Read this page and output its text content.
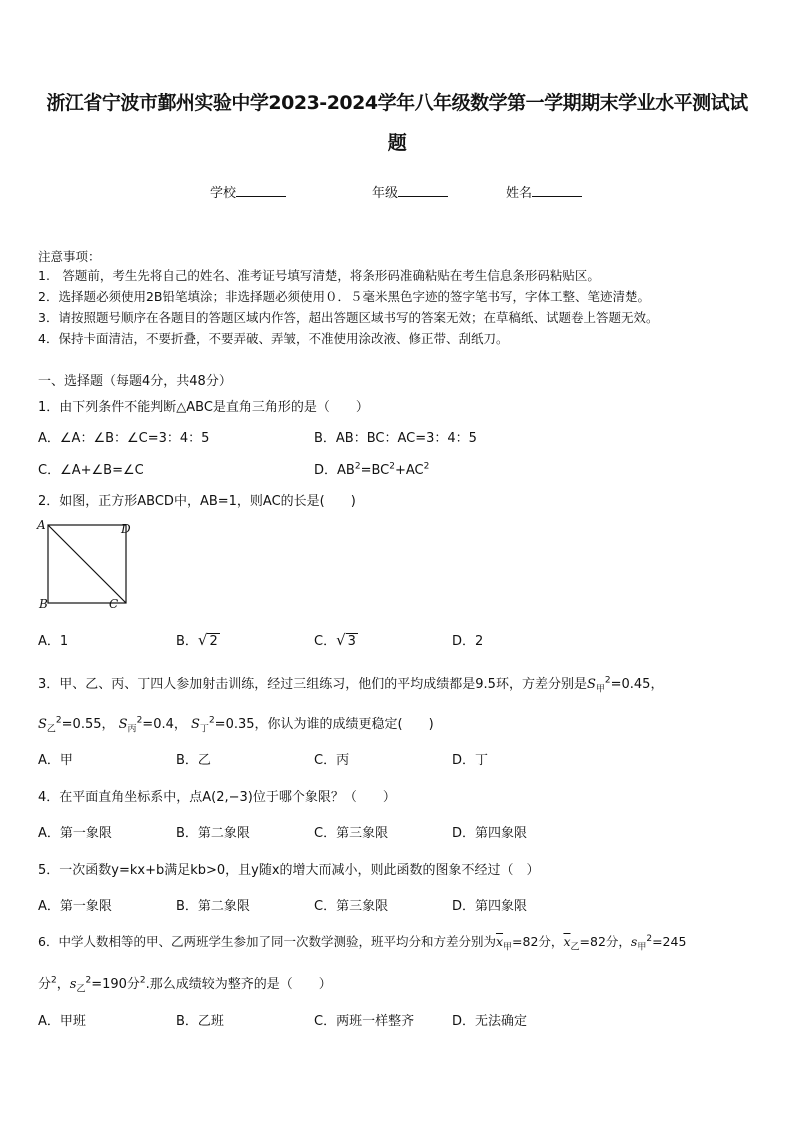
浙江省宁波市鄞州实验中学2023-2024学年八年级数学第一学期期末学业水平测试试
题
学校	年级	姓名
注意事项：
1.　答题前，考生先将自己的姓名、准考证号填写清楚，将条形码准确粘贴在考生信息条形码粘贴区。
2．选择题必须使用2B铅笔填涂；非选择题必须使用０．５毫米黑色字迹的签字笔书写，字体工整、笔迹清楚。
3．请按照题号顺序在各题目的答题区域内作答，超出答题区域书写的答案无效；在草稿纸、试题卷上答题无效。
4．保持卡面清洁，不要折叠，不要弄破、弄皱，不准使用涂改液、修正带、刮纸刀。
一、选择题（每题4分，共48分）
1．由下列条件不能判断△ABC是直角三角形的是（　　）
A．∠A：∠B：∠C=3：4：5	B．AB：BC：AC=3：4：5
C．∠A+∠B=∠C	D．$AB^2=BC^2+AC^2$
2．如图，正方形ABCD中，AB=1，则AC的长是(　　)
A	D
B	C
A．1	B．√ 2	C．√ 3	D．2
3．甲、乙、丙、丁四人参加射击训练，经过三组练习，他们的平均成绩都是9.5环，方差分别是$S_甲^2=0.45$，
$S_乙^2=0.55$， $S_丙^2=0.4$， $S_丁^2=0.35$，你认为谁的成绩更稳定(　　)
A．甲	B．乙	C．丙	D．丁
4．在平面直角坐标系中，点A(2,−3)位于哪个象限？（　　）
A．第一象限	B．第二象限	C．第三象限	D．第四象限
5．一次函数y=kx+b满足kb>0，且y随x的增大而减小，则此函数的图象不经过（　）
A．第一象限	B．第二象限	C．第三象限	D．第四象限
6．中学人数相等的甲、乙两班学生参加了同一次数学测验，班平均分和方差分别为$\overline{x}_甲=82$分，$\overline{x}_乙=82$分，$s_甲^2=245$
分$^2$，$s_乙^2=190$分$^2$.那么成绩较为整齐的是（　　）
A．甲班	B．乙班	C．两班一样整齐	D．无法确定
